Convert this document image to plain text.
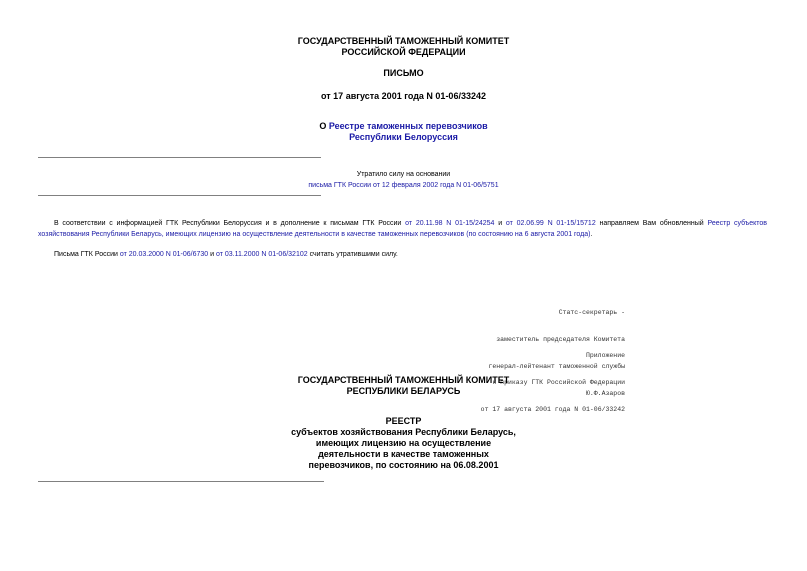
ГОСУДАРСТВЕННЫЙ ТАМОЖЕННЫЙ КОМИТЕТ
РОССИЙСКОЙ ФЕДЕРАЦИИ
ПИСЬМО
от 17 августа 2001 года N 01-06/33242
О Реестре таможенных перевозчиков
Республики Белоруссия
Утратило силу на основании
письма ГТК России от 12 февраля 2002 года N 01-06/5751
В соответствии с информацией ГТК Республики Белоруссия и в дополнение к письмам ГТК России от 20.11.98 N 01-15/24254 и от 02.06.99 N 01-15/15712 направляем Вам обновленный Реестр субъектов хозяйствования Республики Беларусь, имеющих лицензию на осуществление деятельности в качестве таможенных перевозчиков (по состоянию на 6 августа 2001 года).
Письма ГТК России от 20.03.2000 N 01-06/6730 и от 03.11.2000 N 01-06/32102 считать утратившими силу.

Статс-секретарь -

заместитель председателя Комитета

генерал-лейтенант таможенной службы

Ю.Ф.Азаров

Приложение

к приказу ГТК Российской Федерации

от 17 августа 2001 года N 01-06/33242

ГОСУДАРСТВЕННЫЙ ТАМОЖЕННЫЙ КОМИТЕТ
РЕСПУБЛИКИ БЕЛАРУСЬ
РЕЕСТР
субъектов хозяйствования Республики Беларусь,
имеющих лицензию на осуществление
деятельности в качестве таможенных
перевозчиков, по состоянию на 06.08.2001
